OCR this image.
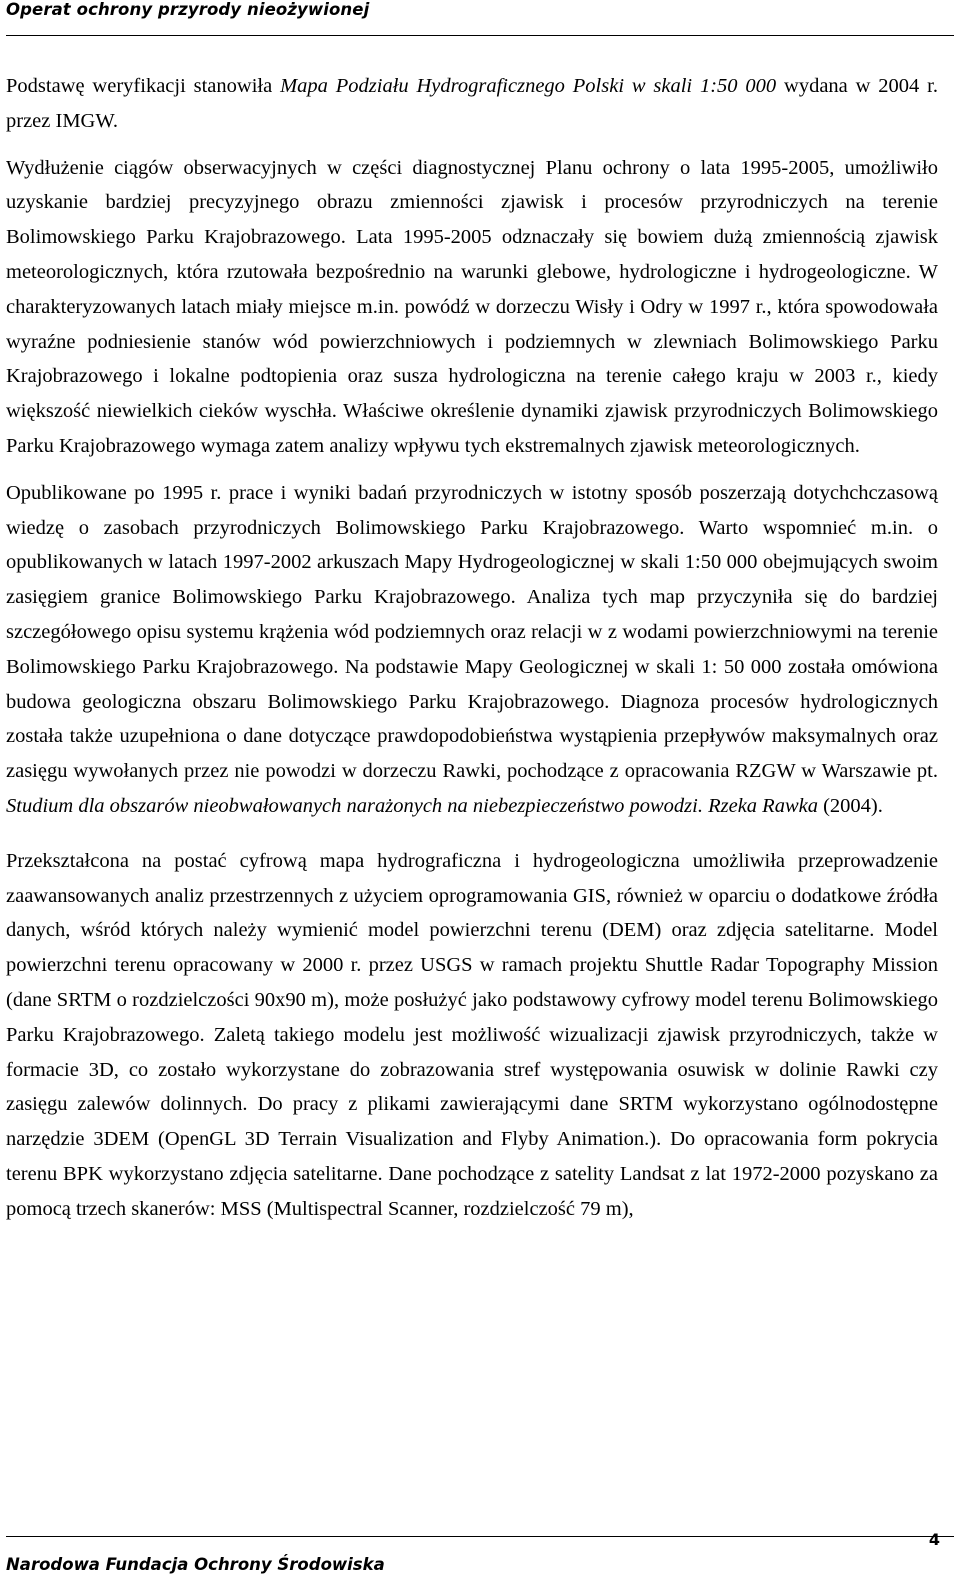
Operat ochrony przyrody nieożywionej

Podstawę weryfikacji stanowiła Mapa Podziału Hydrograficznego Polski w skali 1:50 000 wydana w 2004 r. przez IMGW.

Wydłużenie ciągów obserwacyjnych w części diagnostycznej Planu ochrony o lata 1995-2005, umożliwiło uzyskanie bardziej precyzyjnego obrazu zmienności zjawisk i procesów przyrodniczych na terenie Bolimowskiego Parku Krajobrazowego. Lata 1995-2005 odznaczały się bowiem dużą zmiennością zjawisk meteorologicznych, która rzutowała bezpośrednio na warunki glebowe, hydrologiczne i hydrogeologiczne. W charakteryzowanych latach miały miejsce m.in. powódź w dorzeczu Wisły i Odry w 1997 r., która spowodowała wyraźne podniesienie stanów wód powierzchniowych i podziemnych w zlewniach Bolimowskiego Parku Krajobrazowego i lokalne podtopienia oraz susza hydrologiczna na terenie całego kraju w 2003 r., kiedy większość niewielkich cieków wyschła. Właściwe określenie dynamiki zjawisk przyrodniczych Bolimowskiego Parku Krajobrazowego wymaga zatem analizy wpływu tych ekstremalnych zjawisk meteorologicznych.

Opublikowane po 1995 r. prace i wyniki badań przyrodniczych w istotny sposób poszerzają dotychchczasową wiedzę o zasobach przyrodniczych Bolimowskiego Parku Krajobrazowego. Warto wspomnieć m.in. o opublikowanych w latach 1997-2002 arkuszach Mapy Hydrogeologicznej w skali 1:50 000 obejmujących swoim zasięgiem granice Bolimowskiego Parku Krajobrazowego. Analiza tych map przyczyniła się do bardziej szczegółowego opisu systemu krążenia wód podziemnych oraz relacji w z wodami powierzchniowymi na terenie Bolimowskiego Parku Krajobrazowego. Na podstawie Mapy Geologicznej w skali 1: 50 000 została omówiona budowa geologiczna obszaru Bolimowskiego Parku Krajobrazowego. Diagnoza procesów hydrologicznych została także uzupełniona o dane dotyczące prawdopodobieństwa wystąpienia przepływów maksymalnych oraz zasięgu wywołanych przez nie powodzi w dorzeczu Rawki, pochodzące z opracowania RZGW w Warszawie pt. Studium dla obszarów nieobwałowanych narażonych na niebezpieczeństwo powodzi. Rzeka Rawka (2004).

Przekształcona na postać cyfrową mapa hydrograficzna i hydrogeologiczna umożliwiła przeprowadzenie zaawansowanych analiz przestrzennych z użyciem oprogramowania GIS, również w oparciu o dodatkowe źródła danych, wśród których należy wymienić model powierzchni terenu (DEM) oraz zdjęcia satelitarne. Model powierzchni terenu opracowany w 2000 r. przez USGS w ramach projektu Shuttle Radar Topography Mission (dane SRTM o rozdzielczości 90x90 m), może posłużyć jako podstawowy cyfrowy model terenu Bolimowskiego Parku Krajobrazowego. Zaletą takiego modelu jest możliwość wizualizacji zjawisk przyrodniczych, także w formacie 3D, co zostało wykorzystane do zobrazowania stref występowania osuwisk w dolinie Rawki czy zasięgu zalewów dolinnych. Do pracy z plikami zawierającymi dane SRTM wykorzystano ogólnodostępne narzędzie 3DEM (OpenGL 3D Terrain Visualization and Flyby Animation.). Do opracowania form pokrycia terenu BPK wykorzystano zdjęcia satelitarne. Dane pochodzące z satelity Landsat z lat 1972-2000 pozyskano za pomocą trzech skanerów: MSS (Multispectral Scanner, rozdzielczość 79 m),

4
Narodowa Fundacja Ochrony Środowiska
